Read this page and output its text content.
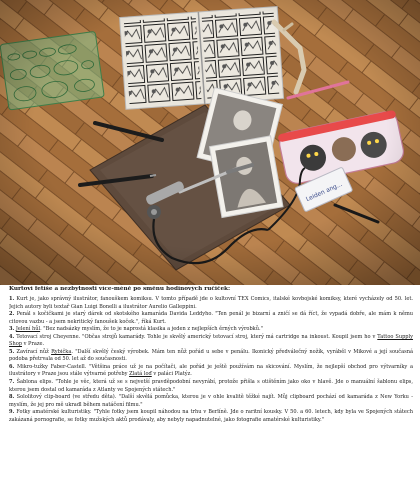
Kurtovi fetiše a nezbytnosti více-méně po směnu hodinových ručiček:

1. Kurt je, jako správný ilustrátor, fanouškem komiksu. V tomto případě jde o kultovní TEX Comics, italské kovbojské komiksy, které vycházely od 50. let. Jejich autory byli textař Gian Luigi Bonelli a ilustrátor Aurelio Galleppini.

2. Penál s kočičkami je starý dárek od skotského kamaráda Davida Leddyho. "Ten penál je bizarní a zničí se dá říct, že vypadá dobře, ale mám k němu citovou vazbu - a jsem nekritický fanoušek koček.", říká Kurt.

3. Jelení hůl. "Bez nadsázky myslím, že to je naprostá klasika a jeden z nejlepších ěrných výrobků."

4. Tetovací stroj Cheyenne. "Občas strojů kamarády. Tohle je skvělý americký tetovací stroj, který má cartridge na inkoust. Koupil jsem ho v Tattoo Supply Shop v Praze.

5. Zavírací nůž Rybička. "Další skvělý český výrobek. Mám ten nůž pořád u sebe v penálu. Ikonický předválečný nožík, vyráběl v Mikové a její současná podoba přetrvala od 50. let až do současnosti.

6. Mikro-tužky Faber-Castell. "Většina práce už je na počítači, ale pořád je ještě používám na skicování. Myslím, že nejlepší obchod pro výtvarníky a ilustrátory v Praze jsou stále výtvarné potřeby Zlatá loď v paláci Platýz.

7. Šablona elips. "Tohle je věc, která už se s nejvetší pravděpodobní nevyrábí, protože přišla s otištěním jako oko v hlavě. Jde o manuální šablonu elips, kterou jsem dostal od kamaráda z Atlanty ve Spojených státech."

8. Sololitový clip-board (ve středu děta). "Další skvělá pomůcka, kterou je v ohle kvalitě těžké najít. Můj clipboard pochází od kamaráda z New Yorku - myslím, že jej pro mě ukradl během natáčení filmu."

9. Fotky amatérské kulturistiky. "Tyhle fotky jsem koupil náhodou na trhu v Berlíně. Jde o raritní kousky. V 50. a 60. letech, kdy byla ve Spojených státech zakázaná pornografie, se fotky mužských aktů prodávaly, aby nebyly napadnutelné, jako fotografie amatérské kulturistiky."
